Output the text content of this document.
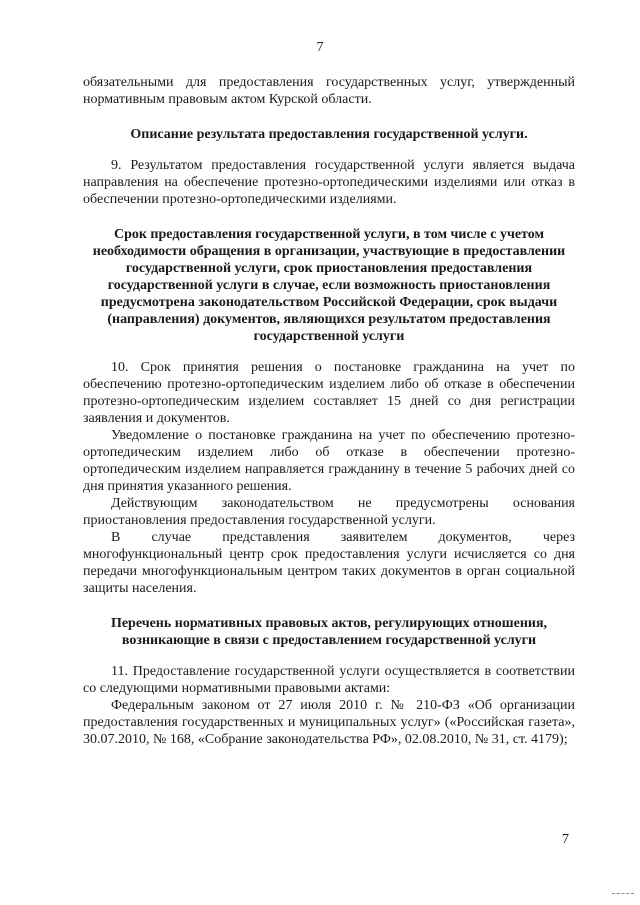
7

обязательными для предоставления государственных услуг, утвержденный нормативным правовым актом Курской области.

Описание результата предоставления государственной услуги.

9. Результатом предоставления государственной услуги является выдача направления на обеспечение протезно-ортопедическими изделиями или отказ в обеспечении протезно-ортопедическими изделиями.

Срок предоставления государственной услуги, в том числе с учетом необходимости обращения в организации, участвующие в предоставлении государственной услуги, срок приостановления предоставления государственной услуги в случае, если возможность приостановления предусмотрена законодательством Российской Федерации, срок выдачи (направления) документов, являющихся результатом предоставления государственной услуги

10. Срок принятия решения о постановке гражданина на учет по обеспечению протезно-ортопедическим изделием либо об отказе в обеспечении протезно-ортопедическим изделием составляет 15 дней со дня регистрации заявления и документов.

Уведомление о постановке гражданина на учет по обеспечению протезно-ортопедическим изделием либо об отказе в обеспечении протезно-ортопедическим изделием направляется гражданину в течение 5 рабочих дней со дня принятия указанного решения.

Действующим законодательством не предусмотрены основания приостановления предоставления государственной услуги.

В случае представления заявителем документов, через многофункциональный центр срок предоставления услуги исчисляется со дня передачи многофункциональным центром таких документов в орган социальной защиты населения.

Перечень нормативных правовых актов, регулирующих отношения, возникающие в связи с предоставлением государственной услуги

11. Предоставление государственной услуги осуществляется в соответствии со следующими нормативными правовыми актами:

Федеральным законом от 27 июля 2010 г. № 210-ФЗ «Об организации предоставления государственных и муниципальных услуг» («Российская газета», 30.07.2010, № 168, «Собрание законодательства РФ», 02.08.2010, № 31, ст. 4179);

7
